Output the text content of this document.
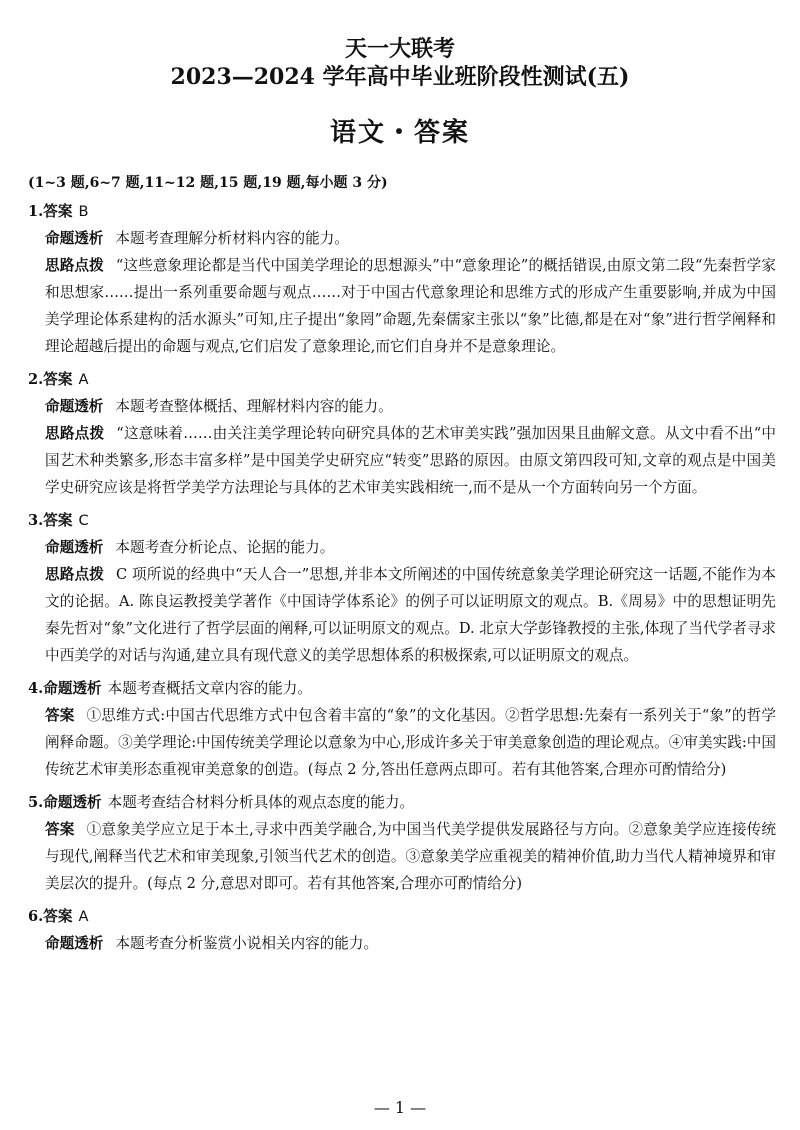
天一大联考
2023—2024 学年高中毕业班阶段性测试(五)
语文・答案
(1~3 题,6~7 题,11~12 题,15 题,19 题,每小题 3 分)
1.答案 B

命题透析 本题考查理解分析材料内容的能力。

思路点拨 “这些意象理论都是当代中国美学理论的思想源头”中“意象理论”的概括错误,由原文第二段“先秦哲学家和思想家……提出一系列重要命题与观点……对于中国古代意象理论和思维方式的形成产生重要影响,并成为中国美学理论体系建构的活水源头”可知,庄子提出“象罔”命题,先秦儒家主张以“象”比德,都是在对“象”进行哲学阐释和理论超越后提出的命题与观点,它们启发了意象理论,而它们自身并不是意象理论。

2.答案 A

命题透析 本题考查整体概括、理解材料内容的能力。

思路点拨 “这意味着……由关注美学理论转向研究具体的艺术审美实践”强加因果且曲解文意。从文中看不出“中国艺术种类繁多,形态丰富多样”是中国美学史研究应“转变”思路的原因。由原文第四段可知,文章的观点是中国美学史研究应该是将哲学美学方法理论与具体的艺术审美实践相统一,而不是从一个方面转向另一个方面。

3.答案 C

命题透析 本题考查分析论点、论据的能力。

思路点拨 C 项所说的经典中“天人合一”思想,并非本文所阐述的中国传统意象美学理论研究这一话题,不能作为本文的论据。A. 陈良运教授美学著作《中国诗学体系论》的例子可以证明原文的观点。B.《周易》中的思想证明先秦先哲对“象”文化进行了哲学层面的阐释,可以证明原文的观点。D. 北京大学彭锋教授的主张,体现了当代学者寻求中西美学的对话与沟通,建立具有现代意义的美学思想体系的积极探索,可以证明原文的观点。

4.命题透析 本题考查概括文章内容的能力。

答案 ①思维方式:中国古代思维方式中包含着丰富的“象”的文化基因。②哲学思想:先秦有一系列关于“象”的哲学阐释命题。③美学理论:中国传统美学理论以意象为中心,形成许多关于审美意象创造的理论观点。④审美实践:中国传统艺术审美形态重视审美意象的创造。(每点 2 分,答出任意两点即可。若有其他答案,合理亦可酌情给分)

5.命题透析 本题考查结合材料分析具体的观点态度的能力。

答案 ①意象美学应立足于本土,寻求中西美学融合,为中国当代美学提供发展路径与方向。②意象美学应连接传统与现代,阐释当代艺术和审美现象,引领当代艺术的创造。③意象美学应重视美的精神价值,助力当代人精神境界和审美层次的提升。(每点 2 分,意思对即可。若有其他答案,合理亦可酌情给分)

6.答案 A

命题透析 本题考查分析鉴赏小说相关内容的能力。

— 1 —
